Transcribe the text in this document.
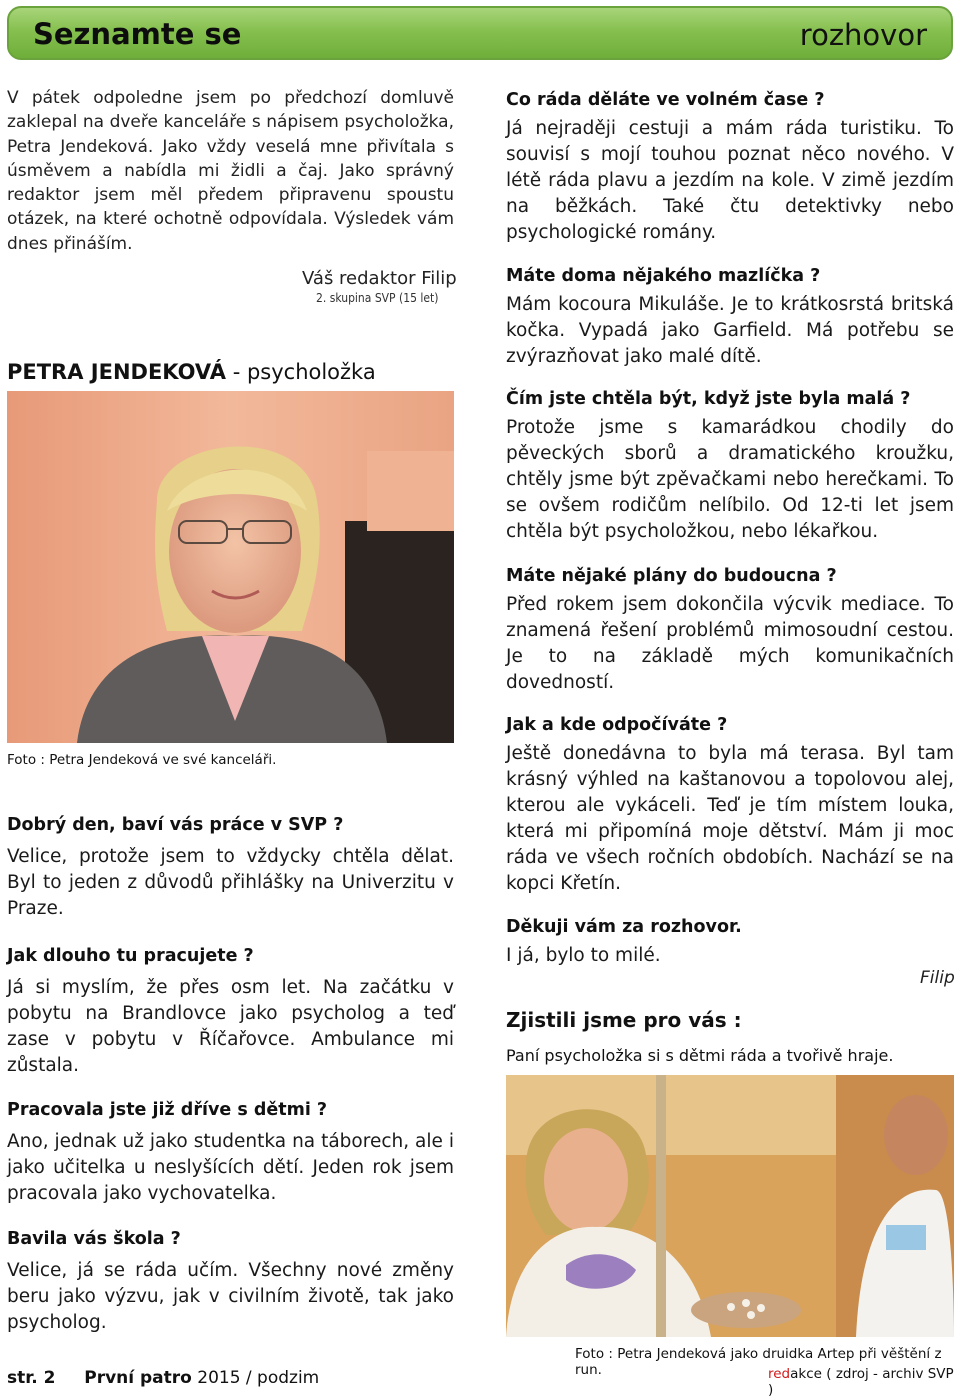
Seznamte se	rozhovor

V pátek odpoledne jsem po předchozí domluvě zaklepal na dveře kanceláře s nápisem psycholožka, Petra Jendeková. Jako vždy veselá mne přivítala s úsměvem a nabídla mi židli a čaj. Jako správný redaktor jsem měl předem připravenu spoustu otázek, na které ochotně odpovídala. Výsledek vám dnes přináším.

Váš redaktor Filip
2. skupina SVP (15 let)
PETRA JENDEKOVÁ - psycholožka
Foto : Petra Jendeková ve své kanceláři.

Dobrý den, baví vás práce v SVP ?

Velice, protože jsem to vždycky chtěla dělat. Byl to jeden z důvodů přihlášky na Univerzitu v Praze.

Jak dlouho tu pracujete ?

Já si myslím, že přes osm let. Na začátku v pobytu na Brandlovce jako psycholog a teď zase v pobytu v Říčařovce. Ambulance mi zůstala.

Pracovala jste již dříve s dětmi ?

Ano, jednak už jako studentka na táborech, ale i jako učitelka u neslyšících dětí. Jeden rok jsem pracovala jako vychovatelka.

Bavila vás škola ?

Velice, já se ráda učím. Všechny nové změny beru jako výzvu, jak v civilním životě, tak jako psycholog.

Co ráda děláte ve volném čase ?

Já nejraději cestuji a mám ráda turistiku. To souvisí s mojí touhou poznat něco nového. V létě ráda plavu a jezdím na kole. V zimě jezdím na běžkách. Také čtu detektivky nebo psychologické romány.

Máte doma nějakého mazlíčka ?

Mám kocoura Mikuláše. Je to krátkosrstá britská kočka. Vypadá jako Garfield. Má potřebu se zvýrazňovat jako malé dítě.

Čím jste chtěla být, když jste byla malá ?

Protože jsme s kamarádkou chodily do pěveckých sborů a dramatického kroužku, chtěly jsme být zpěvačkami nebo herečkami. To se ovšem rodičům nelíbilo. Od 12-ti let jsem chtěla být psycholožkou, nebo lékařkou.

Máte nějaké plány do budoucna ?

Před rokem jsem dokončila výcvik mediace. To znamená řešení problémů mimosoudní cestou. Je to na základě mých komunikačních dovedností.

Jak a kde odpočíváte ?

Ještě donedávna to byla má terasa. Byl tam krásný výhled na kaštanovou a topolovou alej, kterou ale vykáceli. Teď je tím místem louka, která mi připomíná moje dětství. Mám ji moc ráda ve všech ročních obdobích. Nachází se na kopci Křetín.

Děkuji vám za rozhovor.

I já, bylo to milé.

Filip
Zjistili jsme pro vás :
Paní psycholožka si s dětmi ráda a tvořivě hraje.
Foto : Petra Jendeková jako druidka Artep při věštění z run.	redakce ( zdroj - archiv SVP )
str. 2 První patro 2015 / podzim
